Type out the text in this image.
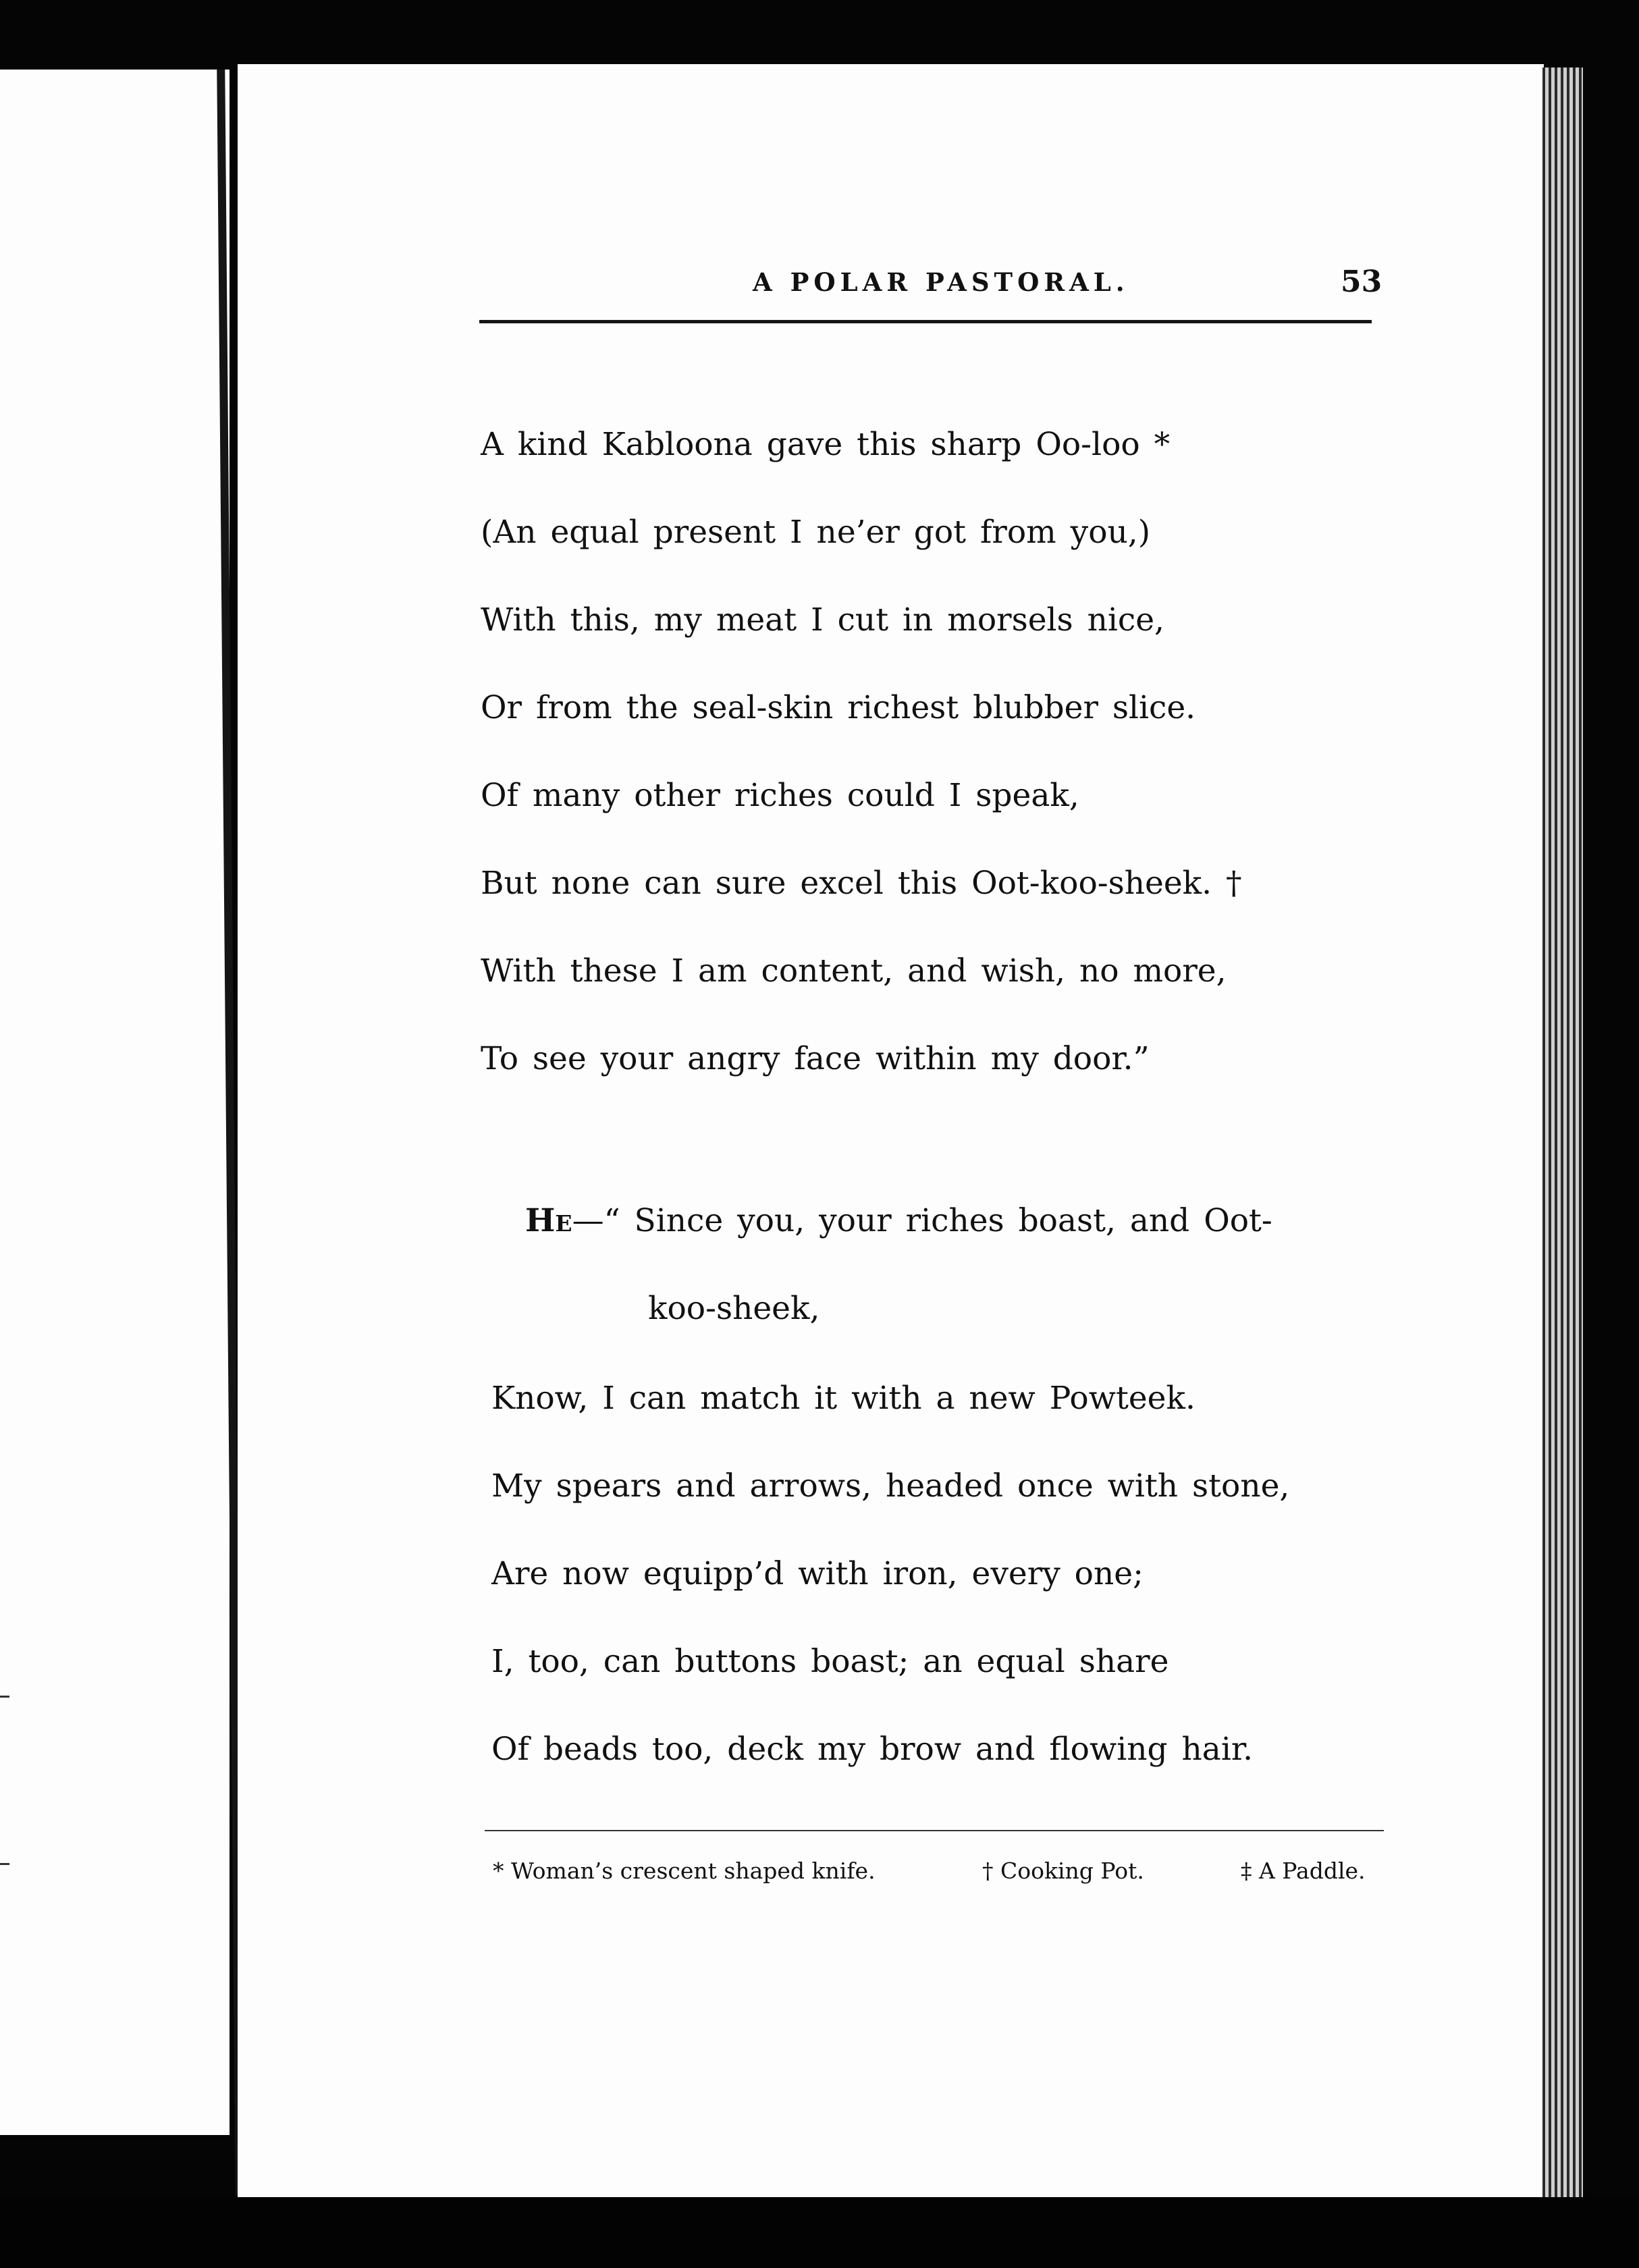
A POLAR PASTORAL.	53
A kind Kabloona gave this sharp Oo-loo *
(An equal present I ne’er got from you,)
With this, my meat I cut in morsels nice,
Or from the seal-skin richest blubber slice.
Of many other riches could I speak,
But none can sure excel this Oot-koo-sheek. †
With these I am content, and wish, no more,
To see your angry face within my door.”
He—“ Since you, your riches boast, and Oot-
koo-sheek,
Know, I can match it with a new Powteek.
My spears and arrows, headed once with stone,
Are now equipp’d with iron, every one;
I, too, can buttons boast; an equal share
Of beads too, deck my brow and flowing hair.
* Woman’s crescent shaped knife.	† Cooking Pot.	‡ A Paddle.
